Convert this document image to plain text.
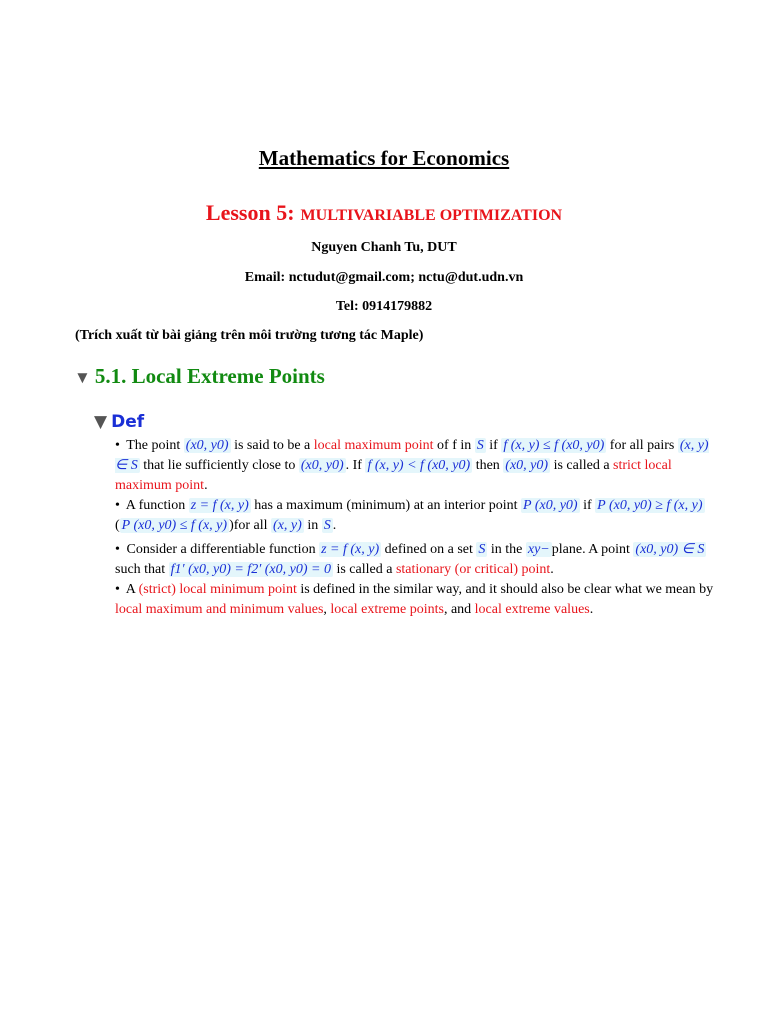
Mathematics for Economics
Lesson 5: MULTIVARIABLE OPTIMIZATION
Nguyen Chanh Tu, DUT
Email: nctudut@gmail.com; nctu@dut.udn.vn
Tel: 0914179882
(Trích xuất từ bài giảng trên môi trường tương tác Maple)
▼ 5.1. Local Extreme Points
▼ Def
• The point (x0, y0) is said to be a local maximum point of f in S if f (x, y) ≤ f (x0, y0) for all pairs (x, y) ∈ S that lie sufficiently close to (x0, y0) . If f (x, y) < f (x0, y0) then (x0, y0) is called a strict local maximum point.
• A function z = f (x, y) has a maximum (minimum) at an interior point P (x0, y0) if P (x0, y0) ≥ f (x, y)( P (x0, y0) ≤ f (x, y) )for all (x, y) in S .
• Consider a differentiable function z = f (x, y) defined on a set S in the xy− plane. A point (x0, y0) ∈ S such that f1′ (x0, y0) = f2′ (x0, y0) = 0 is called a stationary (or critical) point.
• A (strict) local minimum point is defined in the similar way, and it should also be clear what we mean by local maximum and minimum values, local extreme points, and local extreme values.
